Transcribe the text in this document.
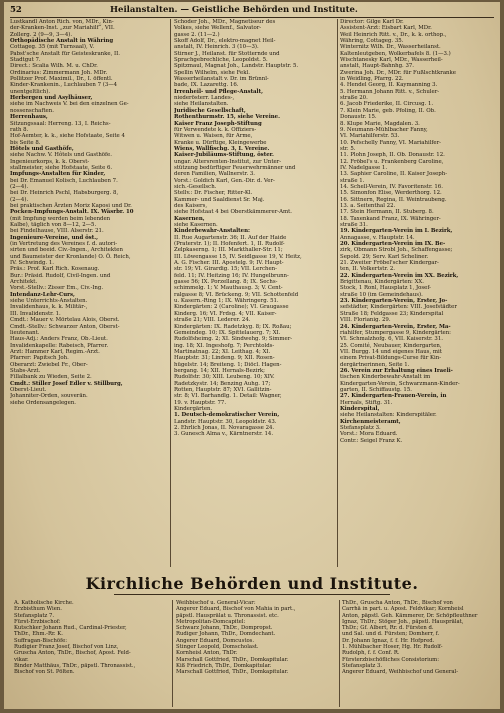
52	Heilanstalten. — Geistliche Behörden und Institute.
Lustkandl Anton Rich. von, MDr., Kin-
der-Kranken-Inst. „zur Mariahilf“, VII.
Zollerg. 2 (9—9, 3—4).
Orthopädische Anstalt in Währing
Cottageg. 35 (mit Turnsaal), V.
Pabst'sche Anstalt für Geisteskranke, II.
Stadtgut 7.
Direct.: Scalia Wilh. M. u. ChDr.
Ordinarius: Zimmermann Joh. MDr.
Pollitzer Prof. Maximil., Dr., I. öffentl.
Kinder-Krankenin., Luchlauben 7 (3—4
unentgeltlich).
Herbergen und Asylhäuser,
siehe im Nachweis V. bei den einzelnen Ge-
nossenschaften.
Herrenhaus,
Sitzungssaal: Herreng. 13, I. Reichs-
rath 8.
Hof-Aemter, k. k., siehe Hofstaate, Seite 4
bis Seite 8.
Hôtels und Gasthöfe,
siehe Nachw. V. Hôtels und Gasthöfe.
Ingenieurkorps, k. k. Oberst-
stallmeister, siehe Hofstaate, Seite 6.
Impfungs-Anstalten für Kinder,
bei Dr. Emanuel Kolisch, Luchlauben 7.
(2—4).
bei Dr. Heinrich Pschl, Habsburgerg. 8,
(2—4).
bei praktischen Ärzten Moriz Kaposi und Dr.
Pocken-Impfungs-Anstalt. IX. Wäsrbr. 10
(mit Impfung werden beim lebenden
Kalbe), täglich von 8—12, 2—5.
bei Findelhause, VIII. Alserstr. 21.
Ingenieure-Vereine, und öst.,
(in Vertretung des Vereines f. d. autori-
sirten und beeid. Civ.-Ingen., Architekten
und Baumeister der Kronlande) O. Ö. Reich,
IV. Schwindg. 1.
Präs.: Prof. Karl Rich. Kosenaug.
Bur.: Präsid. Rudolf, Civil-Ingen. und
Architekt.
Vorst.-Stellv.: Zisser Em., Civ.-Ing.
Intendanz-Lehr-Curs,
siehe Unterrichts-Anstalten.
Invalidenhaus, k. k. Militär-,
III. Invalidenstr. 1.
Cmdt.: Mauer v. Mörtelau Alois, Oberst.
Cmdt.-Stellv.: Schwarzer Anton, Oberst-
lieutenant.
Haus-Adj.: Anders Franz, Ob.-Lieut.
Invalidenkapelle: Rabeisch, Pfarrer.
Arzt: Hammer Karl, Regim.-Arzt.
Pfarrer: Papitsch Joh.
Oberarzt: Zwiebel Fr., Ober-
Stabs-Arzt.
Fillalbank zu Wieden, Seite 2.
Cmdt.: Stiller Josef Edler v. Stillburg,
Oberst-Lieut.
Johanniter-Orden, souverän.
siehe Ordensangelegen.
Schoder Joh., MDr., Magnetiseur des
Volkes, siehe Wellenf., Salvator-
gasse 2. (11—2.)
Skoff Adolf, Dr., elektro-magnet Heil-
anstalt, IV. Heinrich. 3 (10—3).
Stirner J., Heilanst. für Stotternde und
Sprachgebrechliche, Leopoldst. 5.
Spitzmaul, Magnat Joh., Landstr. Hauptstr. 5.
Spellin Wilhelm, siehe Fekl.
Wasserheilanstalt v. Dr. im Brünnl-
bade, IX. Lazarettg. 16.
Irrenheil- und Pflege-Anstalt,
niederösterr. Landes-,
siehe Heilanstalten.
Juridische Gesellschaft,
Rothenthurmstr. 15, siehe Vereine.
Kaiser Franz Joseph-Stiftung
für Verwendete k. k. Offiziers-
Witwen u. Waisen, für Arme,
Kranke u. Dürftige, Kleingewerbe
Wiens, Wallfischg. 3, I. Vereine.
Kaiser-Jubiläums-Stiftung, öster.
ungar. Altersrenten-Institut, zur Unter-
stützung bedürftiger Feuerwehrmänner und
deren Familien, Wallnerstr. 3.
Vorst.: Goldich Karl, Gen.-Dir. d. Ver-
sich.-Gesellsch.
Stellv.: Dr. Fischer, Ritter-Kl.
Kammer- und Saaldienst Sr. Maj.
des Kaisers,
siehe Hofstaat 4 bei Oberstkämmerer-Amt.
Kasernen,
siehe Kasernen.
Kinderbewahr-Anstalten:
II. Rue Augartenstr. 36; II. Auf der Haide
(Praterstr. 1); II. Hofenfert. 1, II. Rudolf-
Zelpkaserng. 1; III. Markthaller-Str. 11;
III. Löwengasse 15, IV. Seidlgasse 19, V. Heitz,
A. G. Fischer. III. Apostelg. 9; IV. Haupt-
str. 19; VI. Girardig. 15; VII. Lerchen-
feld. 11; IV. Heitzing 16; IV. Hungelbrunn-
gasse 56; IX. Porzellang. 8; IX. Sechs-
schimmelg. 1; V. Mauthausg. 3; V. Cent-
ralgasse 8; VI. Brückeng. 9; VII. Schottenfeld
u. Kasern.-Ring 1; IX. Währingerg. 51.
Kindergärten: 2 (Caroline); VI. Graugasse
Kinderg. 16; VI. Frdsg. 4; VII. Kaiser-
straße 21; VIII. Lederer. 24.
Kindergärten: IX. Radetzkyg. 8; IX. Roßau;
Gemeindeg. 10; IX. Spittelauerg. 7; XI.
Rudolfsheimg. 2; XI. Sindwehg. 9; Simmer-
ing. 18; XI. Ingeshofg. 7; Perchtolds-
Martinatnag. 22; XI. Leithag. 4; XI.
Hauptstr. 31; Lindeng. 9; XII. Rosen-
hügelstr. 14; Breiteng. 1; Diöcl. Hagen-
bergang. 14; XII. Hernals-Bezirk;
Rudolfstr. 30; XIII. Leubeng. 10; XIV.
Radetzkystr. 14; Benzing Auhg. 17;
Rotten, Hauptstr. 87; XVI. Gallitzin-
str. 8; VI. Barhandlg. 1. Detail: Wagner,
19. v. Hauptstr. 77.
Kindergärten.
1. Deutsch-demokratischer Verein,
Landstr. Hauptstr. 30, Leopoldstr. 43.
2. Ehrlich Jonas, II. Novaragasse 24.
3. Gunesch Alma v., Kärntnerstr. 14.
Director: Gilge Karl Dr.
Assistent-Arzt: Eisbart Karl, MDr.
Weil Heinrich Ritt. v., Dr., k. k. orthop.,
Währing, Cottageg. 35.
Winternitz Wilh. Dr., Wasserheilanst.
Kaltenleutgeben, Wolkerbafels 8. (1—3.)
Wischtanesky Karl, MDr., Wasserheil-
anstalt, Haupt-Bahnhg. 37.
Zwerina Joh. Dr., MDr. für Fußlschtkranke
in Weidling, Pfarrg. 22.
4. Hendel Georg, II. Kaymanning 3.
5. Hermann Johann Ritt. v., Schuler-
straße 20.
6. Jacob Friederike, II. Circusg. 1.
7. Klein Marie, geb. Pfoling, II. Ob.
Donaustr. 15.
8. Klupe Marie, Magdalen. 3.
9. Neumann-Mühlbacher Fanny,
VI. Mariahilferstr. 53.
10. Pefschelly Fanny, VI. Mariahilfer-
str. 5.
11. Plohn Joseph, II. Ob. Donaustr. 12.
12. Fröbel's u. Frankenberg Caroline,
IV. Nadelgasse 1.
13. Saphier Caroline, II. Kaiser Joseph-
straße 1.
14. Schell-Verein, IV. Favoritenstr. 16.
15. Simonfon Elise, Werderthorg. 12.
16. Sittnern, Regina, II. Weintraubeng.
13. a. Seitenthal 22.
17. Stein Hermann, II. Stuberg. 8.
18. Taxenkand Franz, IX. Währinger-
straße 31.
19. Kindergarten-Verein im I. Bezirk,
Annagasse, v. Hauptstr. 14.
20. Kindergarten-Verein im IX. Be-
zirk, Obmann Strobl Joh., Schaffengasse;
Sepold. 29; Serv. Karl Scheliner.
21. Zweiter Fröbel'scher Kindergar-
ten, II. Volkertstr. 2.
22. Kindergarten-Verein im XX. Bezirk,
Brigittenau, Kindergärten: XX.
Stock, 1 Ronl, Hausplatz 1, Josef-
straße 10 (im Gemeindehaus).
23. Kindergarten-Verein, Erster, Jo-
sefstädter, Kindergärten: VIII. Josefstädter
Straße 18; Feldgasse 23; Kinderspital
VIII. Florianig. 29.
24. Kindergarten-Verein, Erster, Ma-
riahilfer, Stumpergasse 9, Kindergärten:
VI. Schmalzhofg. 6, VII. Kaiserstr. 31.
25. Comité, Neubauer, Kindergarten,
VII. Burgg. 14 und eigenes Haus, mit
einem Privat-Bildungs-Curse für Kin-
dergärtnerinnen, Seite 1.
26. Verein zur Erhaltung eines Iraeli-
tischen Kinderbewahr-Anstalt im
Kindergarten-Verein, Schwarzmann-Kinder-
garten, II. Schiffaustg. 15.
27. Kindergarten-Frauen-Verein, in
Hernals, Stiftg. 31.
Kinderspital,
siehe Heilanstalten: Kinderspitäler.
Kirchenmeisteramt,
Stefansplatz 3.
Vorst.: Mora Eduard.
Contr.: Seigel Franz K.
Kirchliche Behörden und Institute.
A. Katholische Kirche.
Erzbisthum Wien.
Stefansplatz 7.
Fürst-Erzbischof:
Kutschker Johann Rud., Cardinal-Priester,
ThDr., Ehm.-Rr. K.
Suffragan-Bischöfe:
Rudigier Franz Josef, Bischof von Linz,
Gruscha Anton, ThDr., Bischof, Apost. Feld-
vikar.
Binder Matthäus, ThDr., päpstl. Thronassist.,
Bischof von St. Pölten.
Weihbischof u. General-Vicar:
Angerer Eduard, Bischof von Mahia in part.,
päpstl. Hausprälat u. Thronassist. etc.
Metropolitan-Domcapitel:
Schwarz Johann, ThDr., Dompropst.
Rudiger Johann, ThDr., Domdechant.
Angerer Eduard, Domcustos.
Stinger Leopold, Domscholast.
Kornheisl Anton, ThDr.
Marschall Gottfried, ThDr., Domkapitular.
Kiß Friedrich, ThDr., Domkapitular.
Marschall Gottfried, ThDr., Domkapitular.
ThDr., Gruscha Anton, ThDr., Bischof von
Carrhä in part. u. Apost. Feldvikar; Kornheisl
Anton, päpstl. Geh. Kämmerer, Dr. Schöpfleuthner
Ignaz, ThDr.; Stöger Joh., päpstl. Hausprälat,
ThDr.; Gf. Albert, Rr. d. Fürsten d.
und Sal. und d. Fürsten; Domherr, f.
Dr. Johann Ignaz, f. f. Hr. Hofpred.
1. Mühlbacher Hoser, Hg. Hr. Rudolf-
Rudolph, f. f. Conf. R.
Fürsterzbischöfliches Consistorium:
Stefansplatz 3.
Angerer Eduard, Weihbischof und General-
